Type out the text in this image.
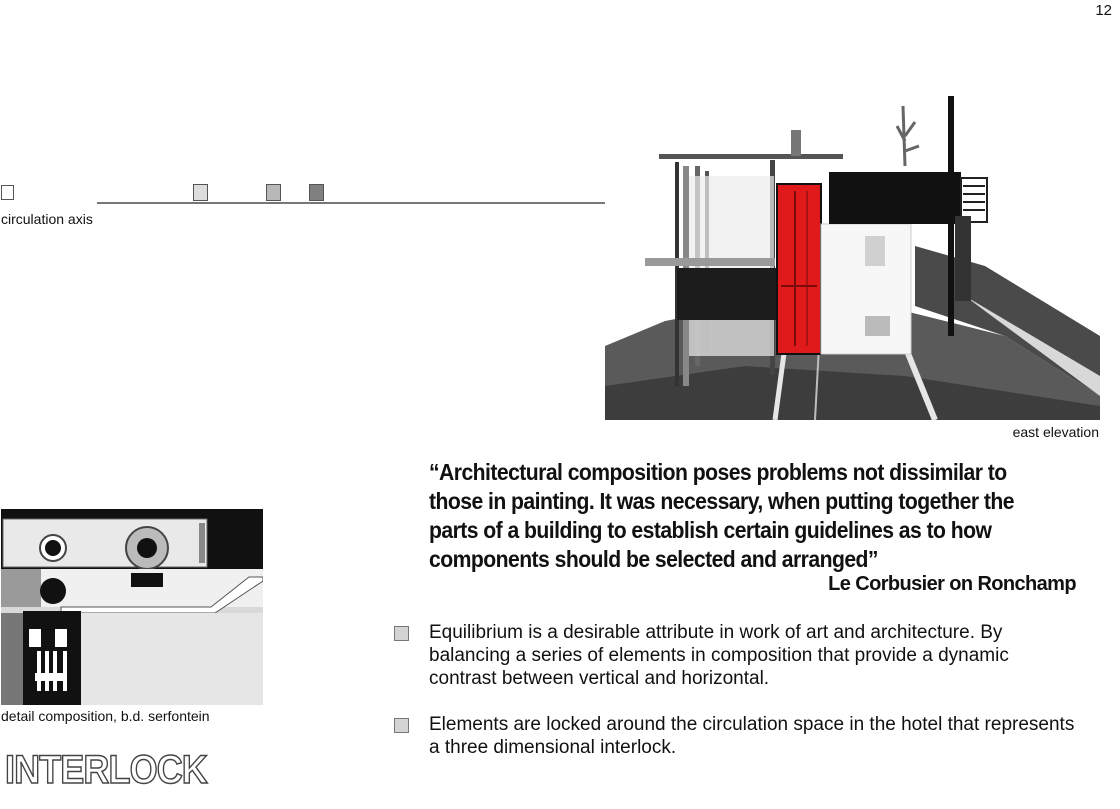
12
circulation axis
east elevation
“Architectural composition poses problems not dissimilar to those in painting. It was necessary, when putting together the parts of a building to establish certain guidelines as to how components should be selected and arranged”
Le Corbusier on Ronchamp
detail composition, b.d. serfontein
Equilibrium is a desirable attribute in work of art and architecture. By balancing a series of elements in composition that provide a dynamic contrast between vertical and horizontal.
Elements are locked around the circulation space in the hotel that represents a three dimensional interlock.
INTERLOCK
